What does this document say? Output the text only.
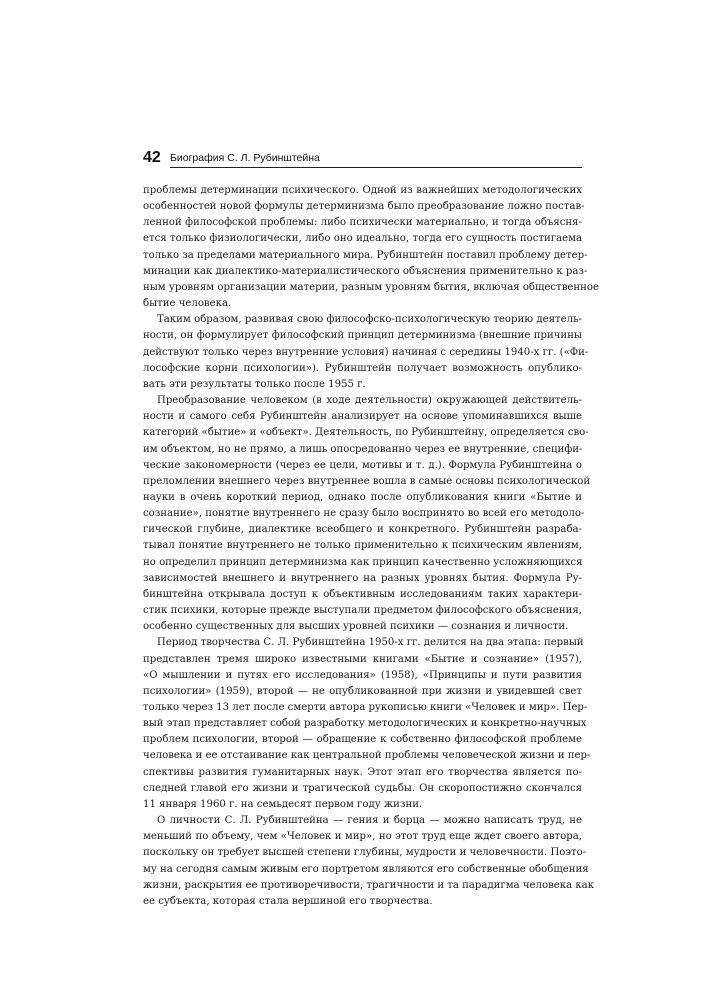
42 Биография С. Л. Рубинштейна

проблемы детерминации психического. Одной из важнейших методологических
особенностей новой формулы детерминизма было преобразование ложно постав-
ленной философской проблемы: либо психически материально, и тогда объясня-
ется только физиологически, либо оно идеально, тогда его сущность постигаема
только за пределами материального мира. Рубинштейн поставил проблему детер-
минации как диалектико-материалистического объяснения применительно к раз-
ным уровням организации материи, разным уровням бытия, включая общественное
бытие человека.

Таким образом, развивая свою философско-психологическую теорию деятель-
ности, он формулирует философский принцип детерминизма (внешние причины
действуют только через внутренние условия) начиная с середины 1940-х гг. («Фи-
лософские корни психологии»). Рубинштейн получает возможность опублико-
вать эти результаты только после 1955 г.

Преобразование человеком (в ходе деятельности) окружающей действитель-
ности и самого себя Рубинштейн анализирует на основе упоминавшихся выше
категорий «бытие» и «объект». Деятельность, по Рубинштейну, определяется сво-
им объектом, но не прямо, а лишь опосредованно через ее внутренние, специфи-
ческие закономерности (через ее цели, мотивы и т. д.). Формула Рубинштейна о
преломлении внешнего через внутреннее вошла в самые основы психологической
науки в очень короткий период, однако после опубликования книги «Бытие и
сознание», понятие внутреннего не сразу было воспринято во всей его методоло-
гической глубине, диалектике всеобщего и конкретного. Рубинштейн разраба-
тывал понятие внутреннего не только применительно к психическим явлениям,
но определил принцип детерминизма как принцип качественно усложняющихся
зависимостей внешнего и внутреннего на разных уровнях бытия. Формула Ру-
бинштейна открывала доступ к объективным исследованиям таких характери-
стик психики, которые прежде выступали предметом философского объяснения,
особенно существенных для высших уровней психики — сознания и личности.

Период творчества С. Л. Рубинштейна 1950-х гг. делится на два этапа: первый
представлен тремя широко известными книгами «Бытие и сознание» (1957),
«О мышлении и путях его исследования» (1958), «Принципы и пути развития
психологии» (1959), второй — не опубликованной при жизни и увидевшей свет
только через 13 лет после смерти автора рукописью книги «Человек и мир». Пер-
вый этап представляет собой разработку методологических и конкретно-научных
проблем психологии, второй — обращение к собственно философской проблеме
человека и ее отстаивание как центральной проблемы человеческой жизни и пер-
спективы развития гуманитарных наук. Этот этап его творчества является по-
следней главой его жизни и трагической судьбы. Он скоропостижно скончался
11 января 1960 г. на семьдесят первом году жизни.

О личности С. Л. Рубинштейна — гения и борца — можно написать труд, не
меньший по объему, чем «Человек и мир», но этот труд еще ждет своего автора,
поскольку он требует высшей степени глубины, мудрости и человечности. Поэто-
му на сегодня самым живым его портретом являются его собственные обобщения
жизни, раскрытия ее противоречивости, трагичности и та парадигма человека как
ее субъекта, которая стала вершиной его творчества.
